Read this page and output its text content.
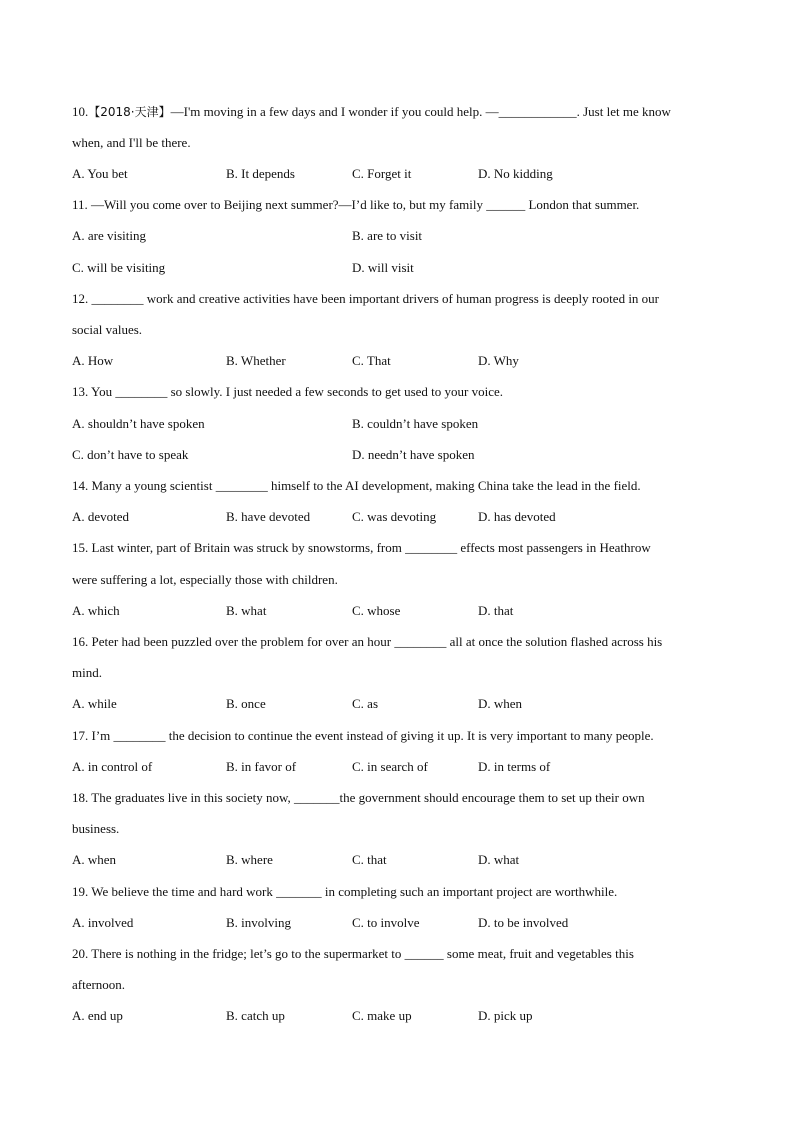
10.【2018·天津】—I'm moving in a few days and I wonder if you could help. —____________. Just let me know
when, and I'll be there.
A. You bet	B. It depends	C. Forget it	D. No kidding
11. —Will you come over to Beijing next summer?—I’d like to, but my family ______ London that summer.
A. are visiting	B. are to visit
C. will be visiting	D. will visit
12. ________ work and creative activities have been important drivers of human progress is deeply rooted in our
social values.
A. How	B. Whether	C. That	D. Why
13. You ________ so slowly. I just needed a few seconds to get used to your voice.
A. shouldn’t have spoken	B. couldn’t have spoken
C. don’t have to speak	D. needn’t have spoken
14. Many a young scientist ________ himself to the AI development, making China take the lead in the field.
A. devoted	B. have devoted	C. was devoting	D. has devoted
15. Last winter, part of Britain was struck by snowstorms, from ________ effects most passengers in Heathrow
were suffering a lot, especially those with children.
A. which	B. what	C. whose	D. that
16. Peter had been puzzled over the problem for over an hour ________ all at once the solution flashed across his
mind.
A. while	B. once	C. as	D. when
17. I’m ________ the decision to continue the event instead of giving it up. It is very important to many people.
A. in control of	B. in favor of	C. in search of	D. in terms of
18. The graduates live in this society now, _______the government should encourage them to set up their own
business.
A. when	B. where	C. that	D. what
19. We believe the time and hard work _______ in completing such an important project are worthwhile.
A. involved	B. involving	C. to involve	D. to be involved
20. There is nothing in the fridge; let’s go to the supermarket to ______ some meat, fruit and vegetables this
afternoon.
A. end up	B. catch up	C. make up	D. pick up
